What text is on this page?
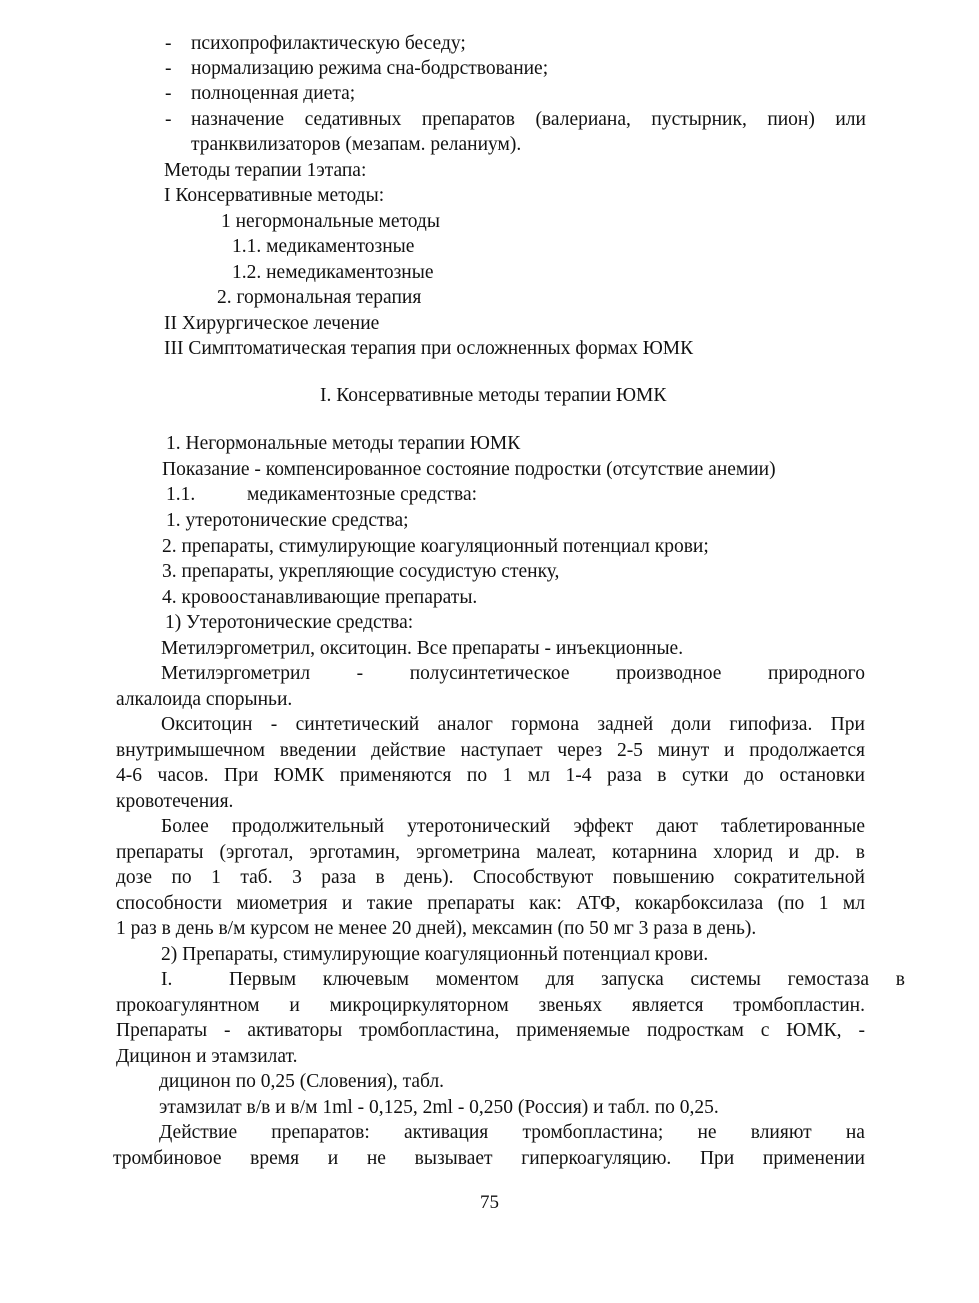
- психопрофилактическую беседу;
- нормализацию режима сна-бодрствование;
- полноценная диета;
- назначение седативных препаратов (валериана, пустырник, пион) или
транквилизаторов (мезапам. реланиум).
Методы терапии 1этапа:
I Консервативные методы:
1 негормональные методы
1.1. медикаментозные
1.2. немедикаментозные
2. гормональная терапия
II Хирургическое лечение
III Симптоматическая терапия при осложненных формах ЮМК
I. Консервативные методы терапии ЮМК
1. Негормональные методы терапии ЮМК
Показание - компенсированное состояние подростки (отсутствие анемии)
1.1.	медикаментозные средства:
1. утеротонические средства;
2. препараты, стимулирующие коагуляционный потенциал крови;
3. препараты, укрепляющие сосудистую стенку,
4. кровоостанавливающие препараты.
1) Утеротонические средства:
Метилэргометрил, окситоцин. Все препараты - инъекционные.
Метилэргометрил - полусинтетическое производное природного
алкалоида спорыньи.
Окситоцин - синтетический аналог гормона задней доли гипофиза. При
внутримышечном введении действие наступает через 2-5 минут и продолжается
4-6 часов. При ЮМК применяются по 1 мл 1-4 раза в сутки до остановки
кровотечения.
Более продолжительный утеротонический эффект дают таблетированные
препараты (эрготал, эрготамин, эргометрина малеат, котарнина хлорид и др. в
дозе по 1 таб. 3 раза в день). Способствуют повышению сократительной
способности миометрия и такие препараты как: АТФ, кокарбоксилаза (по 1 мл
1 раз в день в/м курсом не менее 20 дней), мексамин (по 50 мг 3 раза в день).
2) Препараты, стимулирующие коагуляционньй потенциал крови.
I.	Первым ключевым моментом для запуска системы гемостаза в
прокоагулянтном и микроциркуляторном звеньях является тромбопластин.
Препараты - активаторы тромбопластина, применяемые подросткам с ЮМК, -
Дицинон и этамзилат.
дицинон по 0,25 (Словения), табл.
этамзилат в/в и в/м 1ml - 0,125, 2ml - 0,250 (Россия) и табл. по 0,25.
Действие препаратов: активация тромбопластина; не влияют на
тромбиновое время и не вызывает гиперкоагуляцию. При применении
75
